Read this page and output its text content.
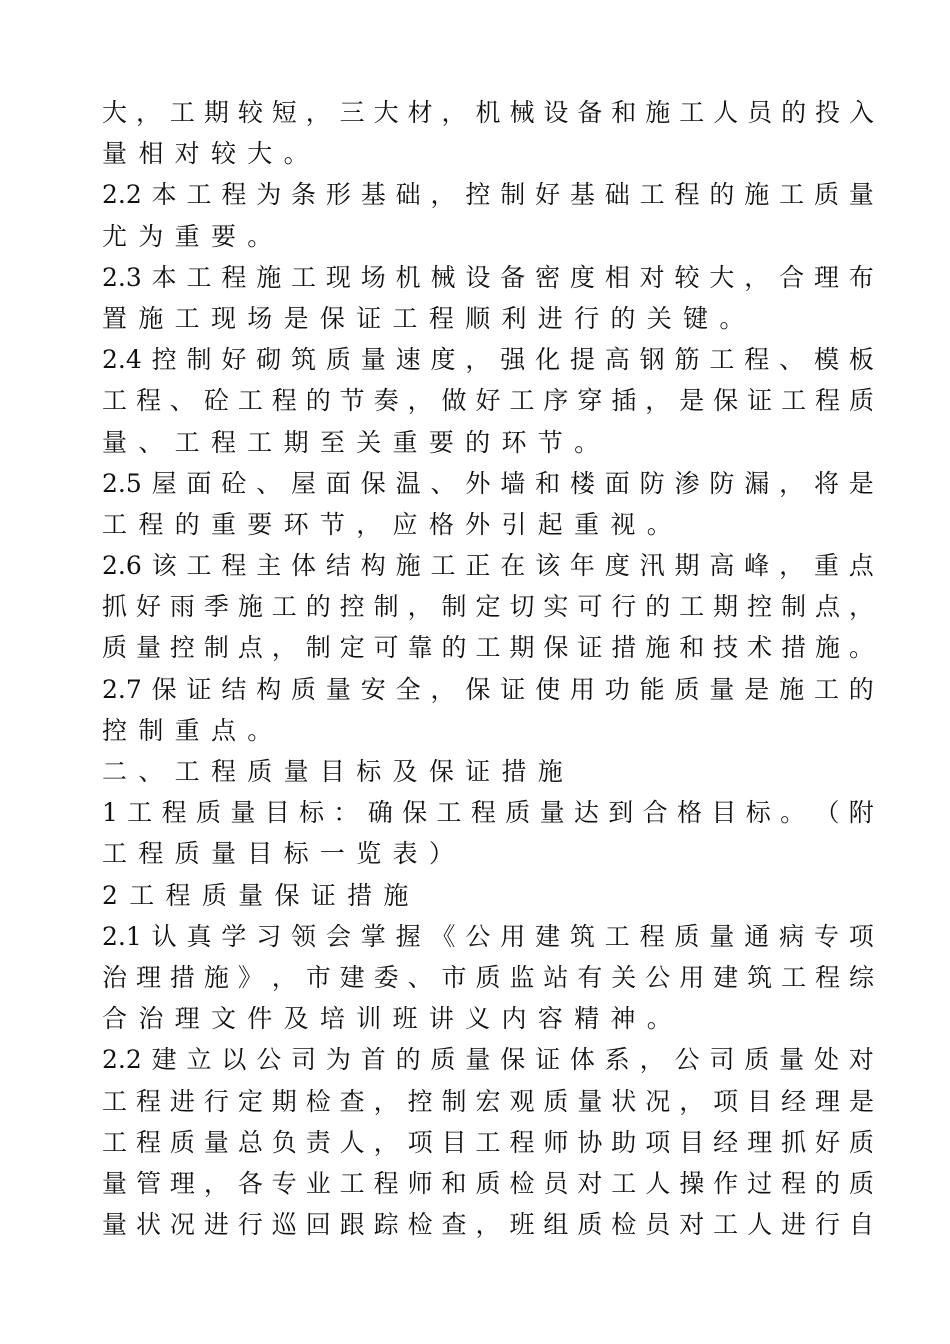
大 ， 工 期 较 短 ， 三 大 材 ， 机 械 设 备 和 施 工 人 员 的 投 入
量 相 对 较 大 。
2.2 本 工 程 为 条 形 基 础 ， 控 制 好 基 础 工 程 的 施 工 质 量
尤 为 重 要 。
2.3 本 工 程 施 工 现 场 机 械 设 备 密 度 相 对 较 大 ， 合 理 布
置 施 工 现 场 是 保 证 工 程 顺 利 进 行 的 关 键 。
2.4 控 制 好 砌 筑 质 量 速 度 ， 强 化 提 高 钢 筋 工 程 、 模 板
工 程 、 砼 工 程 的 节 奏 ， 做 好 工 序 穿 插 ， 是 保 证 工 程 质
量 、 工 程 工 期 至 关 重 要 的 环 节 。
2.5 屋 面 砼 、 屋 面 保 温 、 外 墙 和 楼 面 防 渗 防 漏 ， 将 是
工 程 的 重 要 环 节 ， 应 格 外 引 起 重 视 。
2.6 该 工 程 主 体 结 构 施 工 正 在 该 年 度 汛 期 高 峰 ， 重 点
抓 好 雨 季 施 工 的 控 制 ， 制 定 切 实 可 行 的 工 期 控 制 点 ，
质 量 控 制 点 ， 制 定 可 靠 的 工 期 保 证 措 施 和 技 术 措 施 。
2.7 保 证 结 构 质 量 安 全 ， 保 证 使 用 功 能 质 量 是 施 工 的
控 制 重 点 。
二 、 工 程 质 量 目 标 及 保 证 措 施
1 工 程 质 量 目 标 ： 确 保 工 程 质 量 达 到 合 格 目 标 。 （ 附
工 程 质 量 目 标 一 览 表 ）
2 工 程 质 量 保 证 措 施
2.1 认 真 学 习 领 会 掌 握 《 公 用 建 筑 工 程 质 量 通 病 专 项
治 理 措 施 》 ， 市 建 委 、 市 质 监 站 有 关 公 用 建 筑 工 程 综
合 治 理 文 件 及 培 训 班 讲 义 内 容 精 神 。
2.2 建 立 以 公 司 为 首 的 质 量 保 证 体 系 ， 公 司 质 量 处 对
工 程 进 行 定 期 检 查 ， 控 制 宏 观 质 量 状 况 ， 项 目 经 理 是
工 程 质 量 总 负 责 人 ， 项 目 工 程 师 协 助 项 目 经 理 抓 好 质
量 管 理 ， 各 专 业 工 程 师 和 质 检 员 对 工 人 操 作 过 程 的 质
量 状 况 进 行 巡 回 跟 踪 检 查 ， 班 组 质 检 员 对 工 人 进 行 自
